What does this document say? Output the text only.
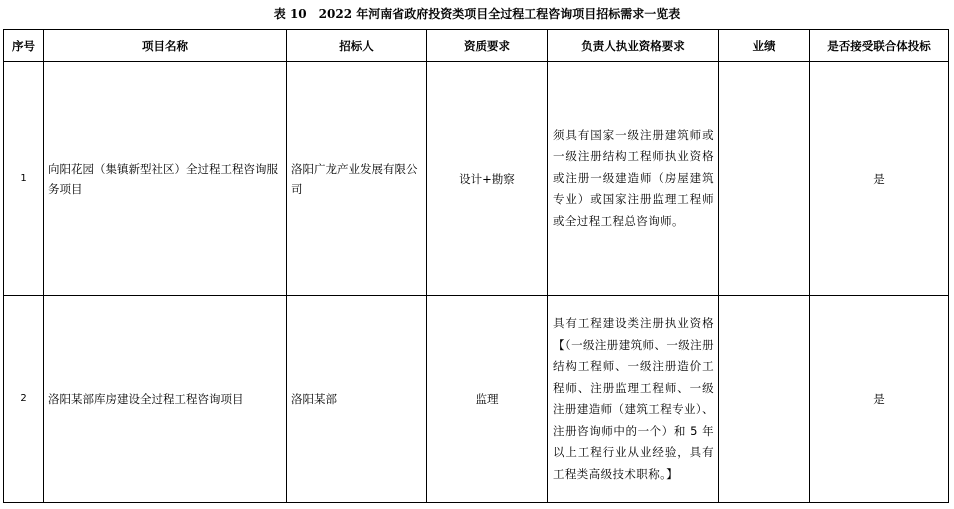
表 10　2022 年河南省政府投资类项目全过程工程咨询项目招标需求一览表
序号	项目名称	招标人	资质要求	负责人执业资格要求	业绩	是否接受联合体投标
1	向阳花园（集镇新型社区）全过程工程咨询服务项目	洛阳广龙产业发展有限公司	设计+勘察	须具有国家一级注册建筑师或一级注册结构工程师执业资格或注册一级建造师（房屋建筑专业）或国家注册监理工程师或全过程工程总咨询师。		是
2	洛阳某部库房建设全过程工程咨询项目	洛阳某部	监理	具有工程建设类注册执业资格【（一级注册建筑师、一级注册结构工程师、一级注册造价工程师、注册监理工程师、一级注册建造师（建筑工程专业）、注册咨询师中的一个）和 5 年以上工程行业从业经验，具有工程类高级技术职称。】		是
